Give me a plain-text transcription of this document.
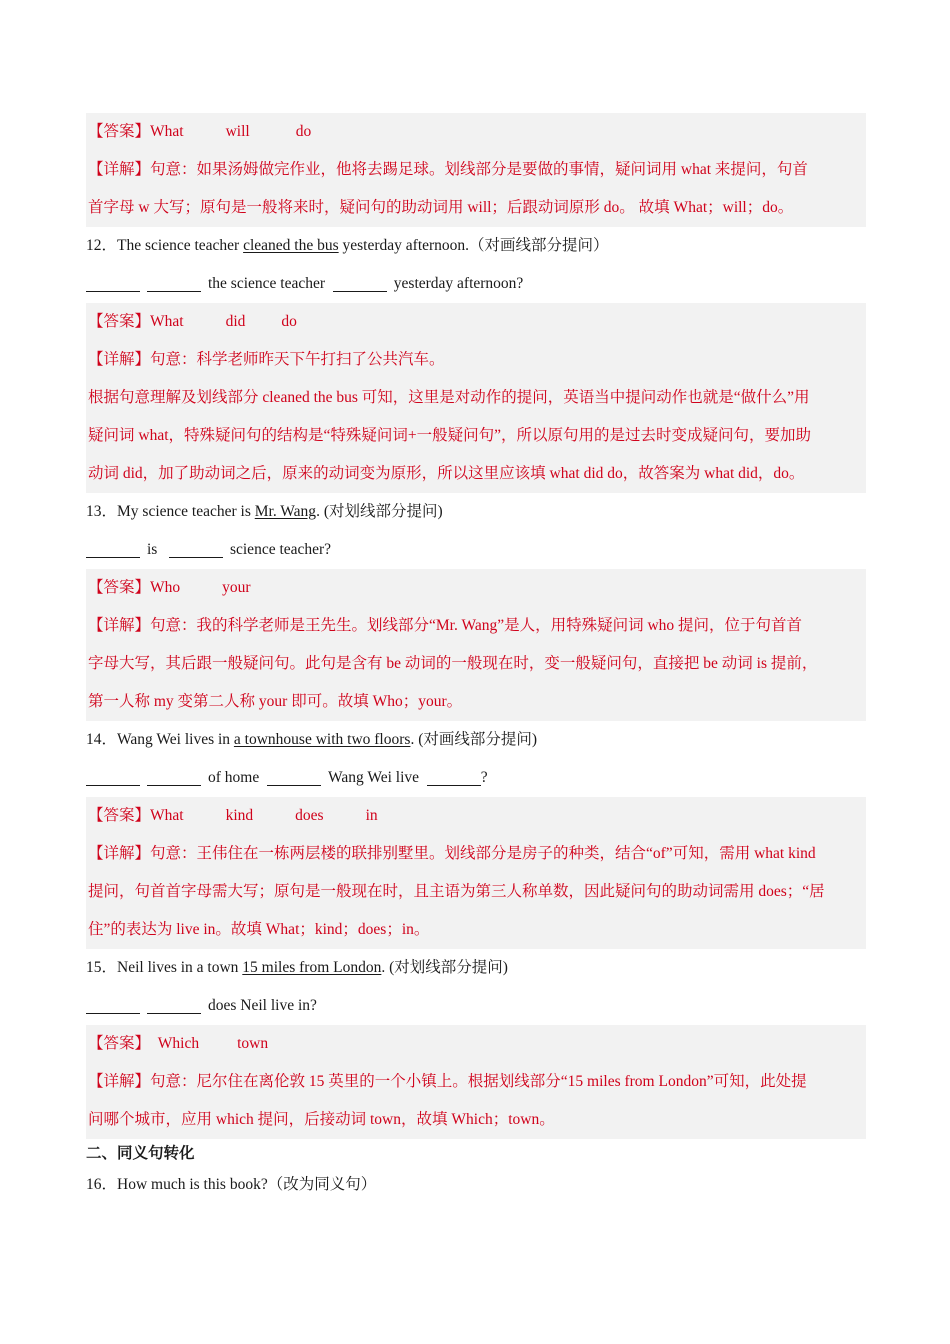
【答案】What	will	do
【详解】句意：如果汤姆做完作业，他将去踢足球。划线部分是要做的事情，疑问词用 what 来提问，句首
首字母 w 大写；原句是一般将来时，疑问句的助动词用 will；后跟动词原形 do。 故填 What；will；do。
12．The science teacher cleaned the bus yesterday afternoon.（对画线部分提问）
the science teacher	yesterday afternoon?
【答案】What	did do
【详解】句意：科学老师昨天下午打扫了公共汽车。
根据句意理解及划线部分 cleaned the bus 可知，这里是对动作的提问，英语当中提问动作也就是“做什么”用
疑问词 what，特殊疑问句的结构是“特殊疑问词+一般疑问句”，所以原句用的是过去时变成疑问句，要加助
动词 did，加了助动词之后，原来的动词变为原形，所以这里应该填 what did do，故答案为 what did，do。
13．My science teacher is Mr. Wang. (对划线部分提问)
is	science teacher?
【答案】Who	your
【详解】句意：我的科学老师是王先生。划线部分“Mr. Wang”是人，用特殊疑问词 who 提问，位于句首首
字母大写，其后跟一般疑问句。此句是含有 be 动词的一般现在时，变一般疑问句，直接把 be 动词 is 提前，
第一人称 my 变第二人称 your 即可。故填 Who；your。
14．Wang Wei lives in a townhouse with two floors. (对画线部分提问)
of home	Wang Wei live	?
【答案】What	kind	does	in
【详解】句意：王伟住在一栋两层楼的联排别墅里。划线部分是房子的种类，结合“of”可知，需用 what kind
提问，句首首字母需大写；原句是一般现在时，且主语为第三人称单数，因此疑问句的助动词需用 does；“居
住”的表达为 live in。故填 What；kind；does；in。
15．Neil lives in a town 15 miles from London. (对划线部分提问)
does Neil live in?
【答案】 Which town
【详解】句意：尼尔住在离伦敦 15 英里的一个小镇上。根据划线部分“15 miles from London”可知，此处提
问哪个城市，应用 which 提问，后接动词 town，故填 Which；town。
二、同义句转化
16．How much is this book?（改为同义句）
